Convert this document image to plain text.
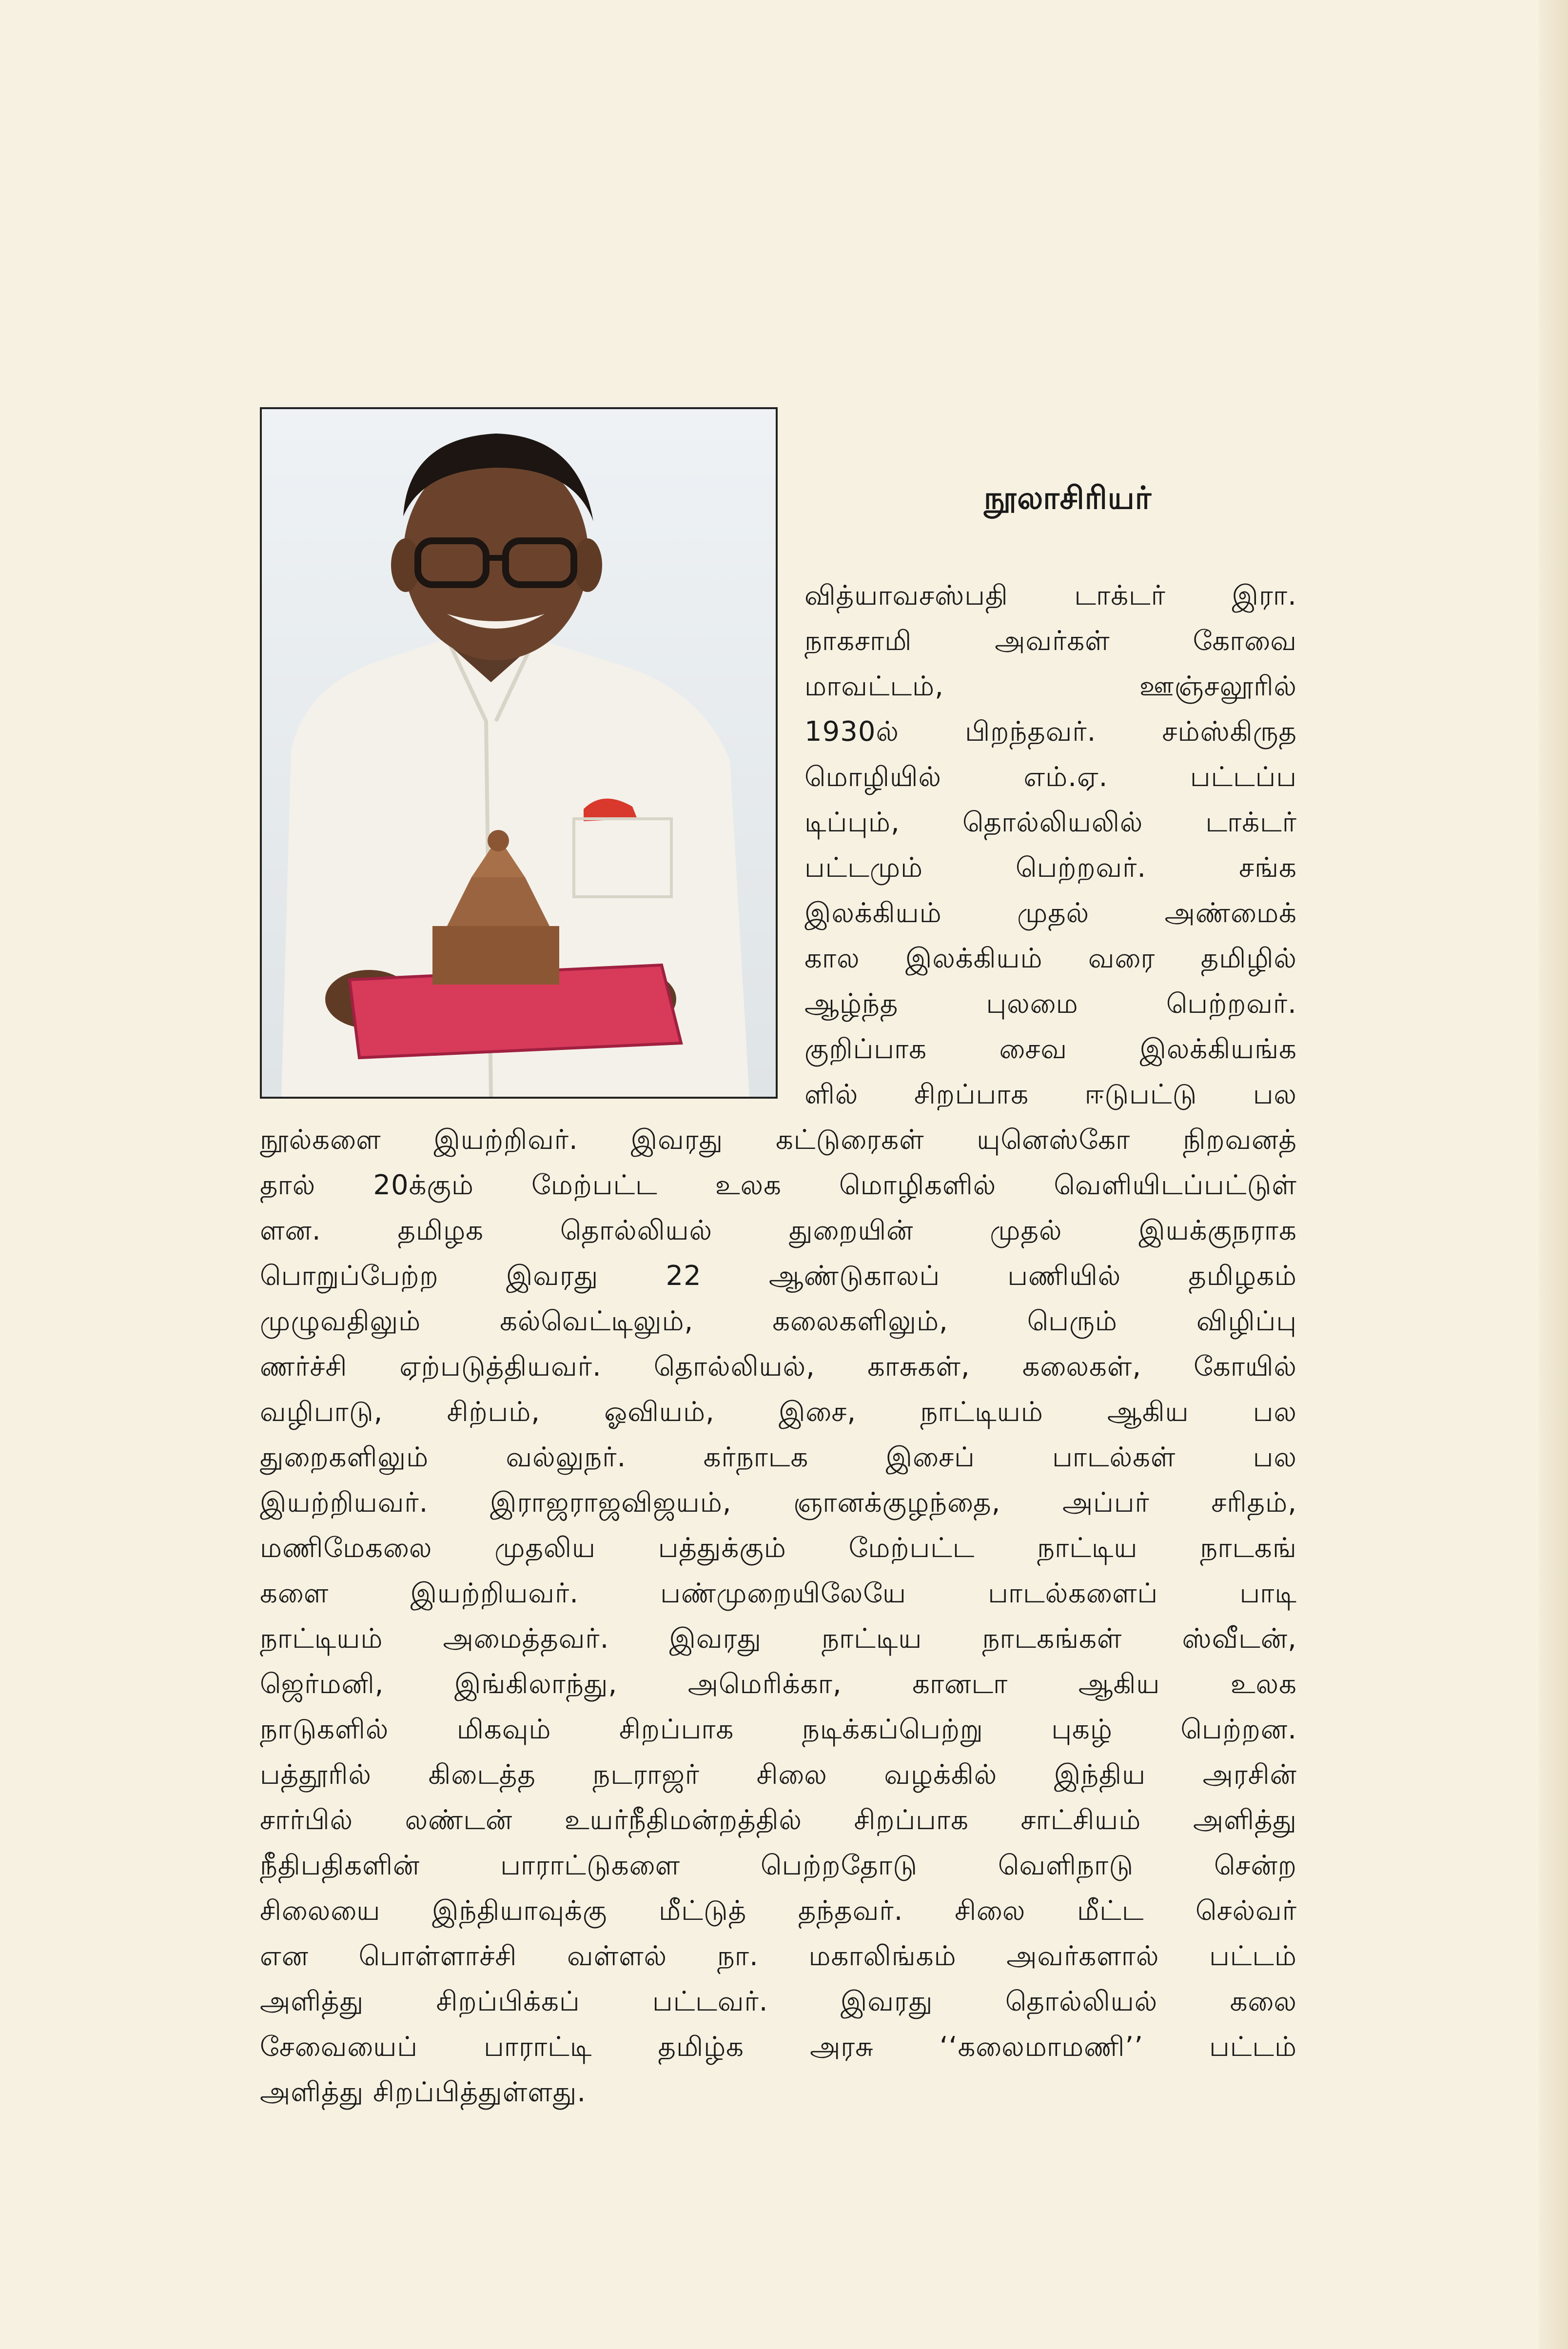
நூலாசிரியர்
வித்யாவசஸ்பதி டாக்டர் இரா.
நாகசாமி	அவர்கள்	கோவை
மாவட்டம்,	ஊஞ்சலூரில்
1930ல் பிறந்தவர். சம்ஸ்கிருத
மொழியில்	எம்.ஏ.	பட்டப்ப
டிப்பும், தொல்லியலில் டாக்டர்
பட்டமும்	பெற்றவர்.	சங்க
இலக்கியம்	முதல்	அண்மைக்
கால இலக்கியம் வரை தமிழில்
ஆழ்ந்த	புலமை	பெற்றவர்.
குறிப்பாக	சைவ	இலக்கியங்க
ளில் சிறப்பாக ஈடுபட்டு பல
நூல்களை இயற்றிவர். இவரது கட்டுரைகள் யுனெஸ்கோ நிறவனத்
தால் 20க்கும் மேற்பட்ட உலக மொழிகளில் வெளியிடப்பட்டுள்
ளன.	தமிழக	தொல்லியல்	துறையின்	முதல்	இயக்குநராக
பொறுப்பேற்ற இவரது 22 ஆண்டுகாலப் பணியில் தமிழகம்
முழுவதிலும்	கல்வெட்டிலும்,	கலைகளிலும்,	பெரும்	விழிப்பு
ணர்ச்சி ஏற்படுத்தியவர். தொல்லியல், காசுகள், கலைகள், கோயில்
வழிபாடு, சிற்பம், ஓவியம், இசை, நாட்டியம் ஆகிய பல
துறைகளிலும்	வல்லுநர்.	கர்நாடக	இசைப்	பாடல்கள்	பல
இயற்றியவர். இராஜராஜவிஜயம், ஞானக்குழந்தை, அப்பர் சரிதம்,
மணிமேகலை முதலிய பத்துக்கும் மேற்பட்ட நாட்டிய நாடகங்
களை	இயற்றியவர்.	பண்முறையிலேயே	பாடல்களைப்	பாடி
நாட்டியம் அமைத்தவர். இவரது நாட்டிய நாடகங்கள் ஸ்வீடன்,
ஜெர்மனி,	இங்கிலாந்து,	அமெரிக்கா,	கானடா	ஆகிய	உலக
நாடுகளில் மிகவும் சிறப்பாக நடிக்கப்பெற்று புகழ் பெற்றன.
பத்தூரில் கிடைத்த நடராஜர் சிலை வழக்கில் இந்திய அரசின்
சார்பில் லண்டன் உயர்நீதிமன்றத்தில் சிறப்பாக சாட்சியம் அளித்து
நீதிபதிகளின்	பாராட்டுகளை	பெற்றதோடு	வெளிநாடு	சென்ற
சிலையை இந்தியாவுக்கு மீட்டுத் தந்தவர். சிலை மீட்ட செல்வர்
என பொள்ளாச்சி வள்ளல் நா. மகாலிங்கம் அவர்களால் பட்டம்
அளித்து	சிறப்பிக்கப்	பட்டவர்.	இவரது	தொல்லியல்	கலை
சேவையைப் பாராட்டி தமிழ்க அரசு ‘‘கலைமாமணி’’ பட்டம்
அளித்து சிறப்பித்துள்ளது.
